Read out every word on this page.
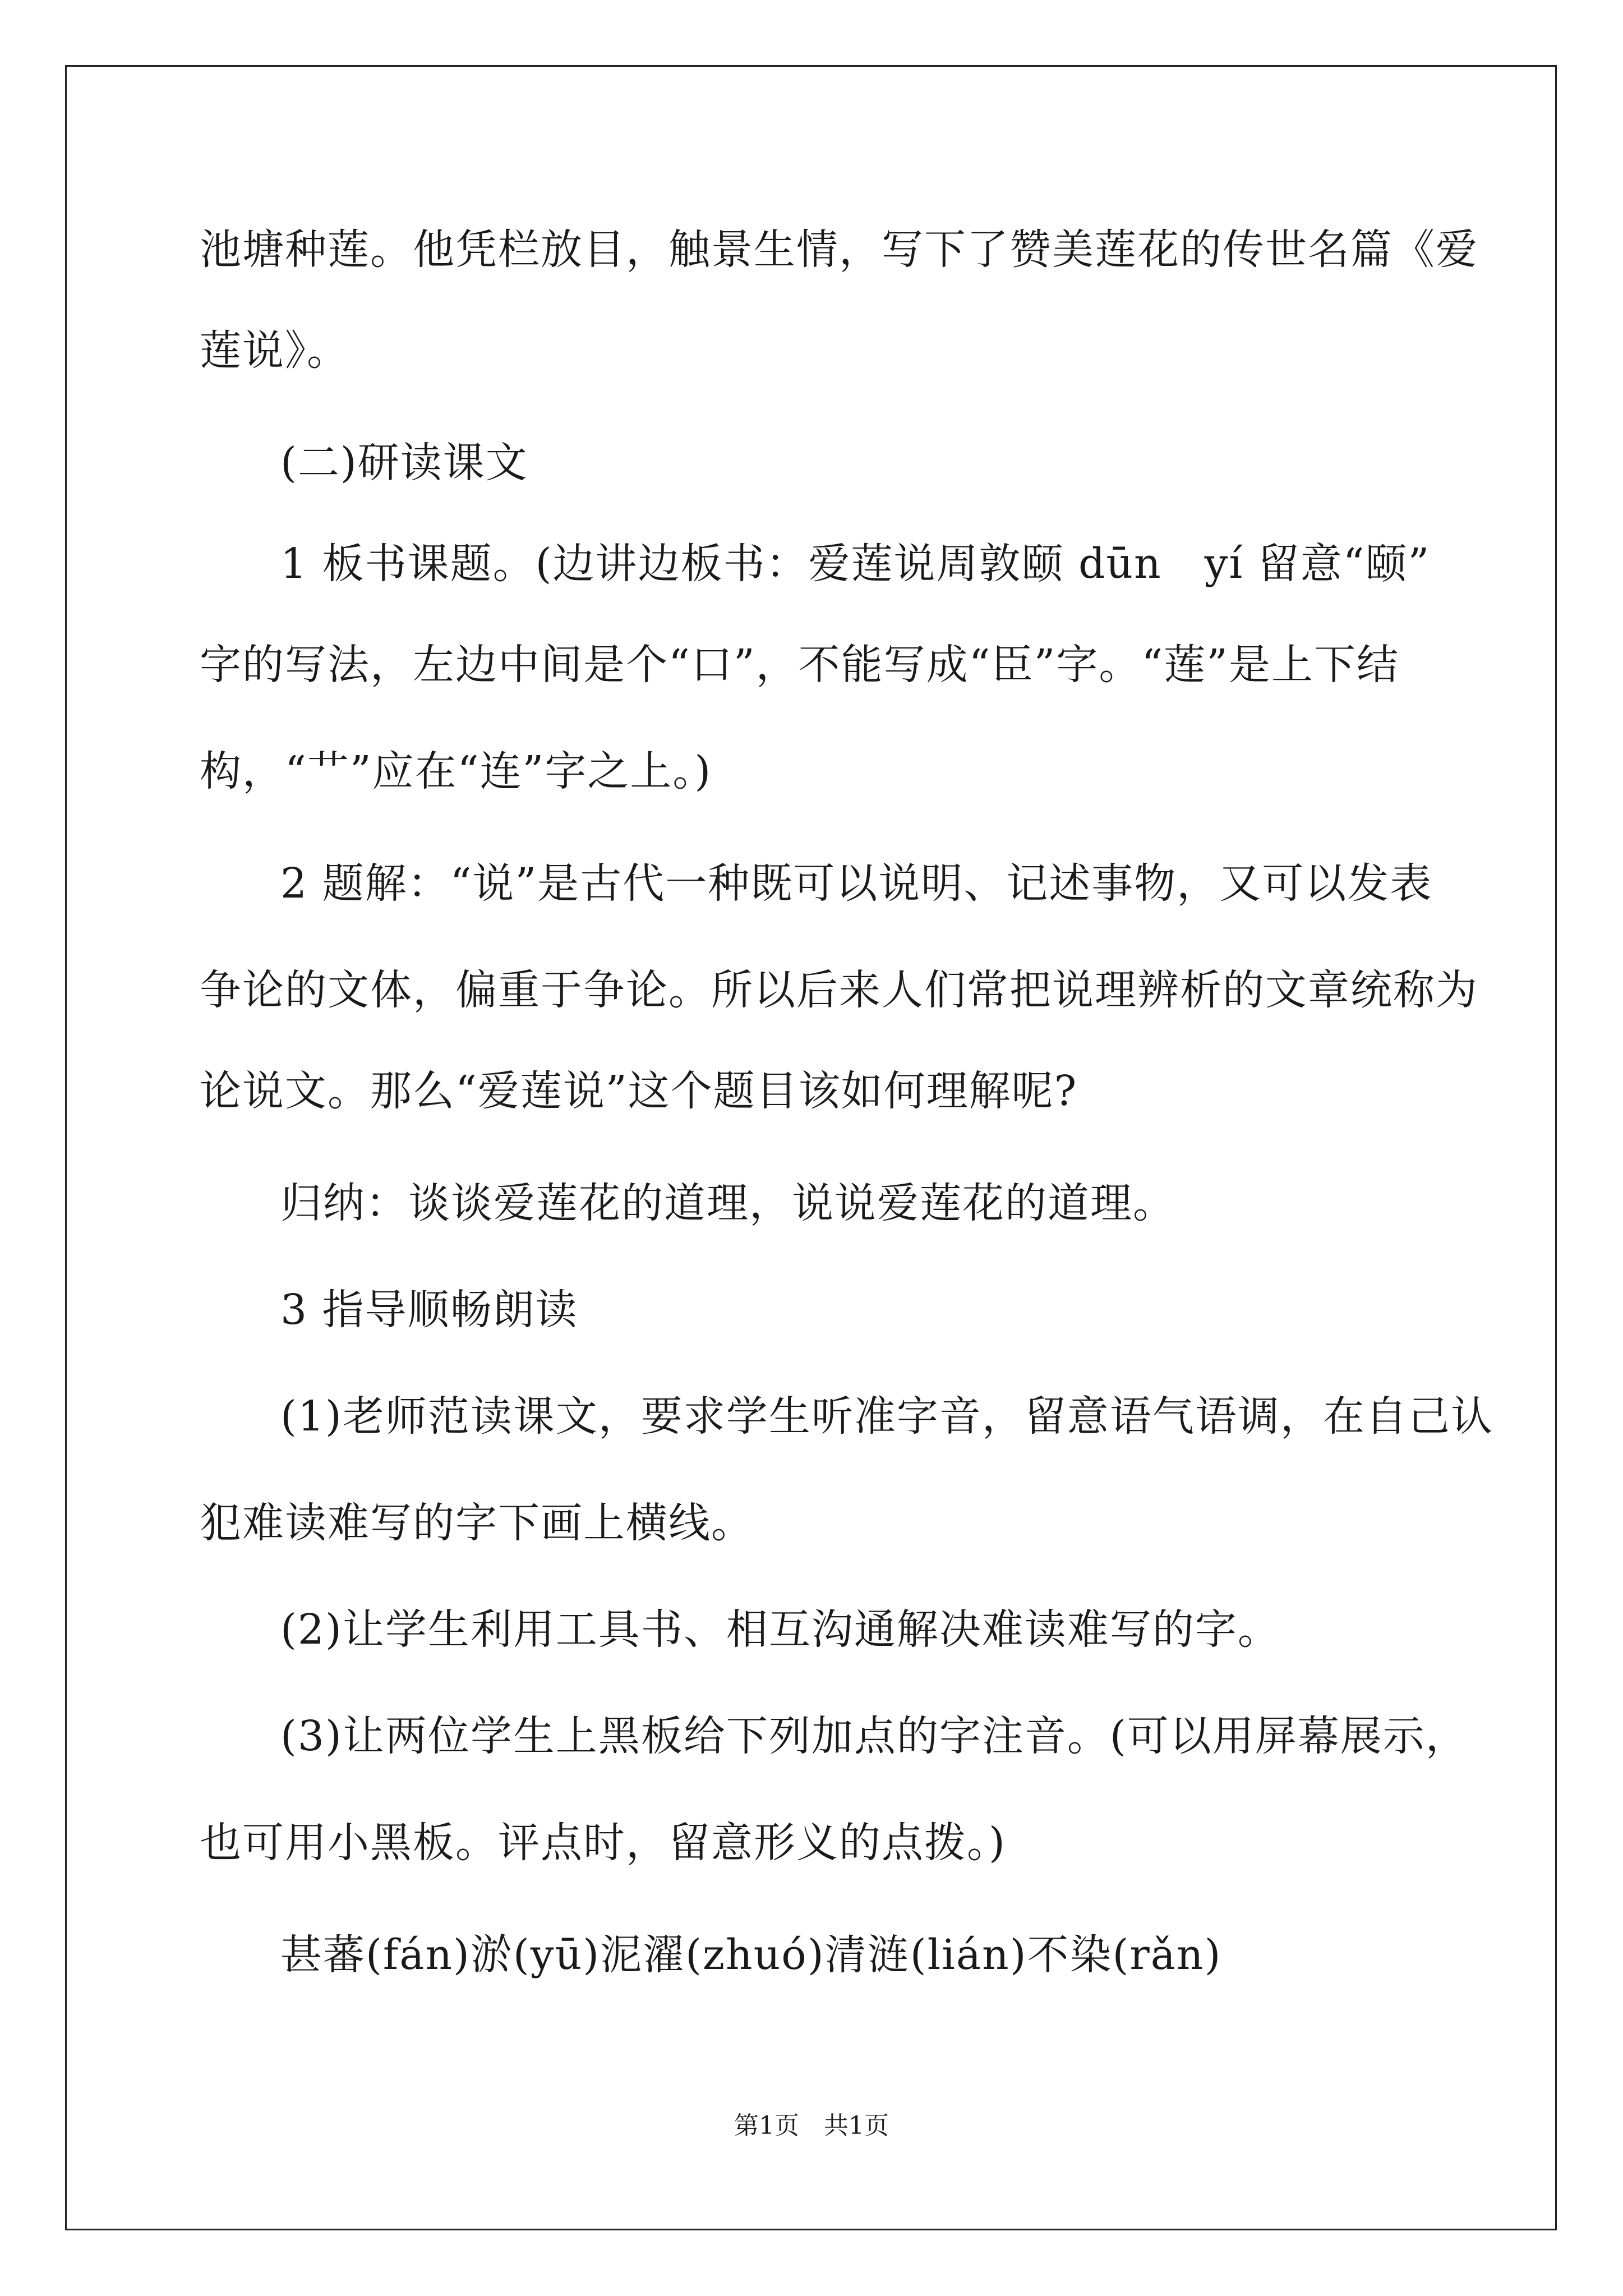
池塘种莲。他凭栏放目，触景生情，写下了赞美莲花的传世名篇《爱
莲说》。
(二)研读课文
1 板书课题。(边讲边板书：爱莲说周敦颐 dūn　yí 留意“颐”
字的写法，左边中间是个“口”，不能写成“臣”字。“莲”是上下结
构，“艹”应在“连”字之上。)
2 题解：“说”是古代一种既可以说明、记述事物，又可以发表
争论的文体，偏重于争论。所以后来人们常把说理辨析的文章统称为
论说文。那么“爱莲说”这个题目该如何理解呢?
归纳：谈谈爱莲花的道理，说说爱莲花的道理。
3 指导顺畅朗读
(1)老师范读课文，要求学生听准字音，留意语气语调，在自己认
犯难读难写的字下画上横线。
(2)让学生利用工具书、相互沟通解决难读难写的字。
(3)让两位学生上黑板给下列加点的字注音。(可以用屏幕展示，
也可用小黑板。评点时，留意形义的点拨。)
甚蕃(fán)淤(yū)泥濯(zhuó)清涟(lián)不染(rǎn)
第1页　共1页
